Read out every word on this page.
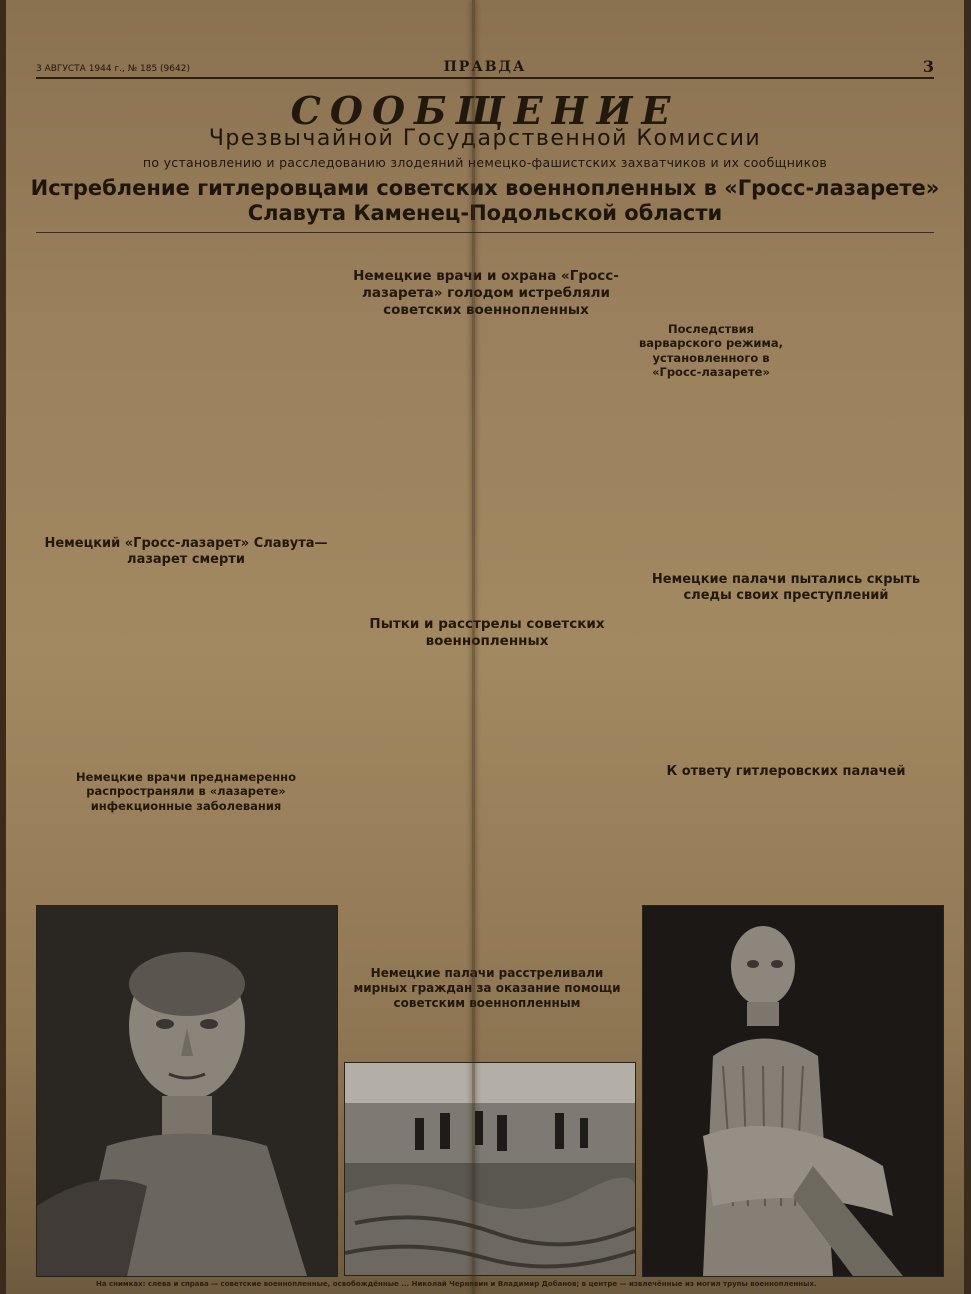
3 АВГУСТА 1944 г., № 185 (9642)	ПРАВДА	3
СООБЩЕНИЕ
Чрезвычайной Государственной Комиссии
по установлению и расследованию злодеяний немецко-фашистских захватчиков и их сообщников
Истребление гитлеровцами советских военнопленных в «Гросс-лазарете»
Славута Каменец-Подольской области
Немецкие врачи и охрана «Гросс-лазарета» голодом истребляли советских военнопленных
Последствия варварского режима, установленного в «Гросс-лазарете»
Немецкий «Гросс-лазарет» Славута—лазарет смерти
Пытки и расстрелы советских военнопленных
Немецкие палачи пытались скрыть следы своих преступлений
К ответу гитлеровских палачей
Немецкие врачи преднамеренно распространяли в «лазарете» инфекционные заболевания
Немецкие палачи расстреливали мирных граждан за оказание помощи советским военнопленным
На снимках: слева и справа — советские военнопленные, освобождённые ... Николай Чернявин и Владимир Добанов; в центре — извлечённые из могил трупы военнопленных.
